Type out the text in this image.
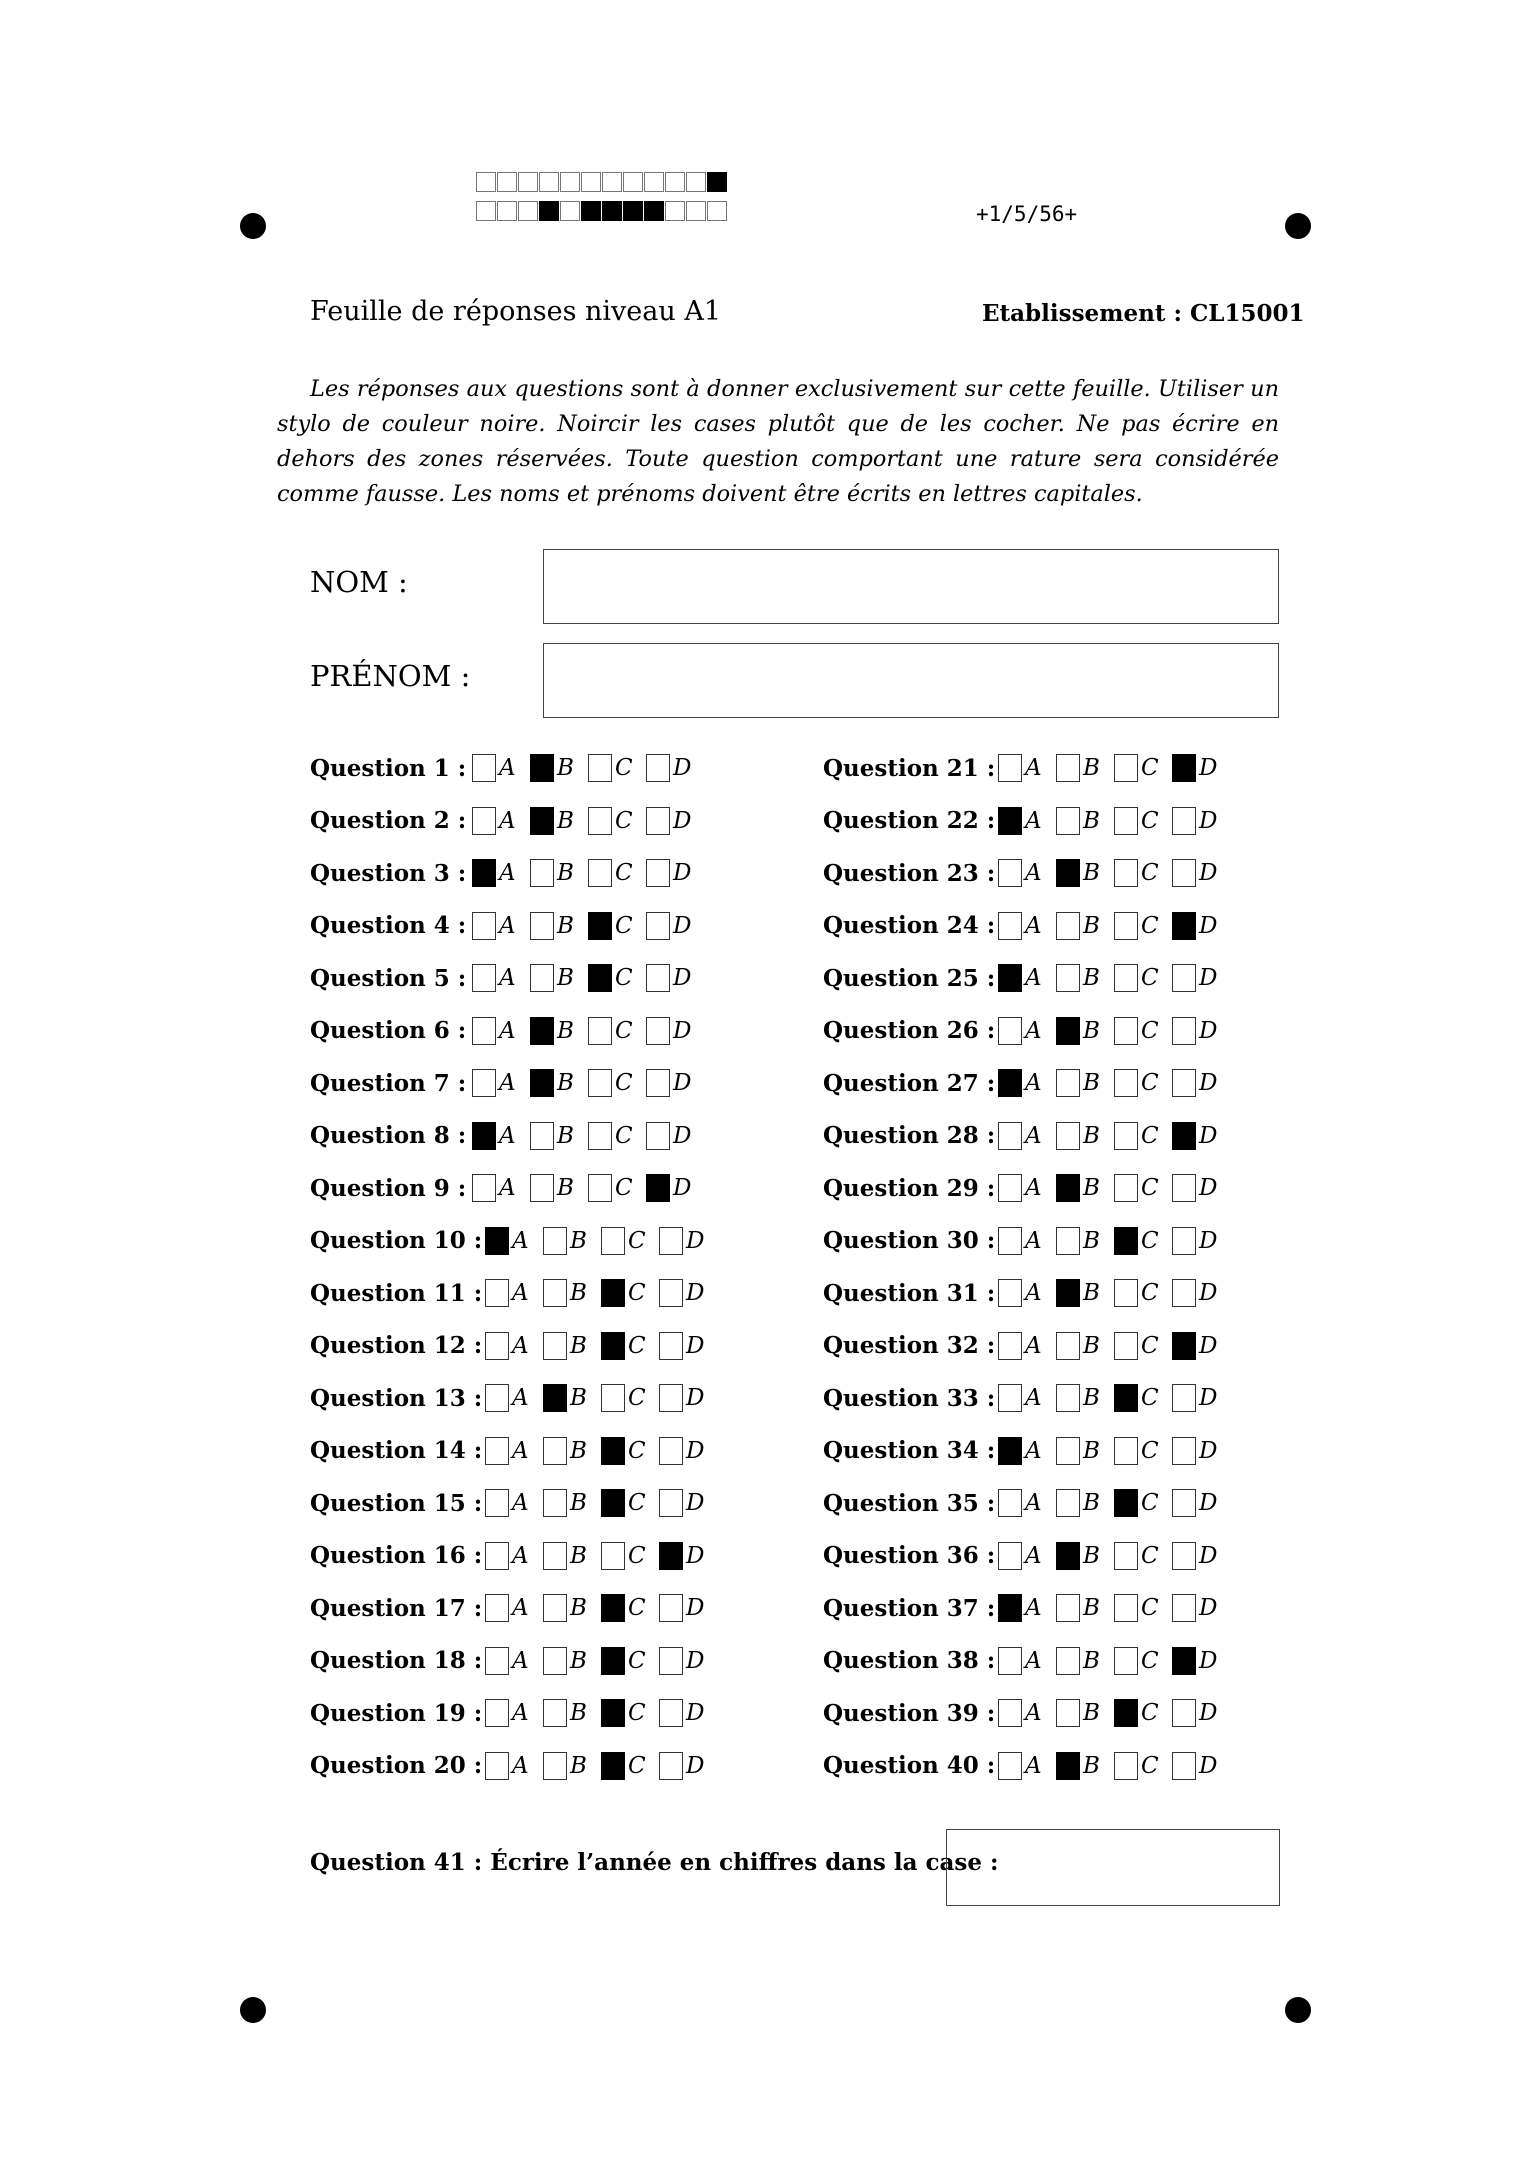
+1/5/56+
Feuille de réponses niveau A1	Etablissement : CL15001

Les réponses aux questions sont à donner exclusivement sur cette feuille. Utiliser un stylo de couleur noire. Noircir les cases plutôt que de les cocher. Ne pas écrire en dehors des zones réservées. Toute question comportant une rature sera considérée comme fausse. Les noms et prénoms doivent être écrits en lettres capitales.

NOM :
PRÉNOM :
Question 1 : A B C D
Question 2 : A B C D
Question 3 : A B C D
Question 4 : A B C D
Question 5 : A B C D
Question 6 : A B C D
Question 7 : A B C D
Question 8 : A B C D
Question 9 : A B C D
Question 10 : A B C D
Question 11 : A B C D
Question 12 : A B C D
Question 13 : A B C D
Question 14 : A B C D
Question 15 : A B C D
Question 16 : A B C D
Question 17 : A B C D
Question 18 : A B C D
Question 19 : A B C D
Question 20 : A B C D
Question 21 : A B C D
Question 22 : A B C D
Question 23 : A B C D
Question 24 : A B C D
Question 25 : A B C D
Question 26 : A B C D
Question 27 : A B C D
Question 28 : A B C D
Question 29 : A B C D
Question 30 : A B C D
Question 31 : A B C D
Question 32 : A B C D
Question 33 : A B C D
Question 34 : A B C D
Question 35 : A B C D
Question 36 : A B C D
Question 37 : A B C D
Question 38 : A B C D
Question 39 : A B C D
Question 40 : A B C D
Question 41 : Écrire l’année en chiffres dans la case :
